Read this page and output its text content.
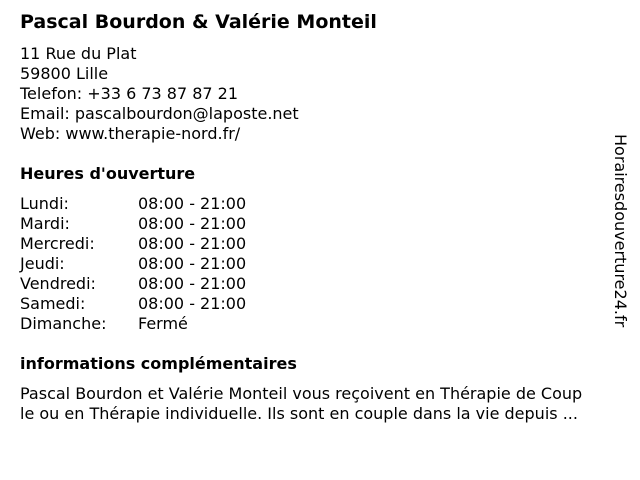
Pascal Bourdon & Valérie Monteil
11 Rue du Plat
59800 Lille
Telefon: +33 6 73 87 87 21
Email: pascalbourdon@laposte.net
Web: www.therapie-nord.fr/
Heures d'ouverture
Lundi:	08:00 - 21:00
Mardi:	08:00 - 21:00
Mercredi:	08:00 - 21:00
Jeudi:	08:00 - 21:00
Vendredi:	08:00 - 21:00
Samedi:	08:00 - 21:00
Dimanche:	Fermé
informations complémentaires
Pascal Bourdon et Valérie Monteil vous reçoivent en Thérapie de Coup
le ou en Thérapie individuelle. Ils sont en couple dans la vie depuis ...
Horairesdouverture24.fr
